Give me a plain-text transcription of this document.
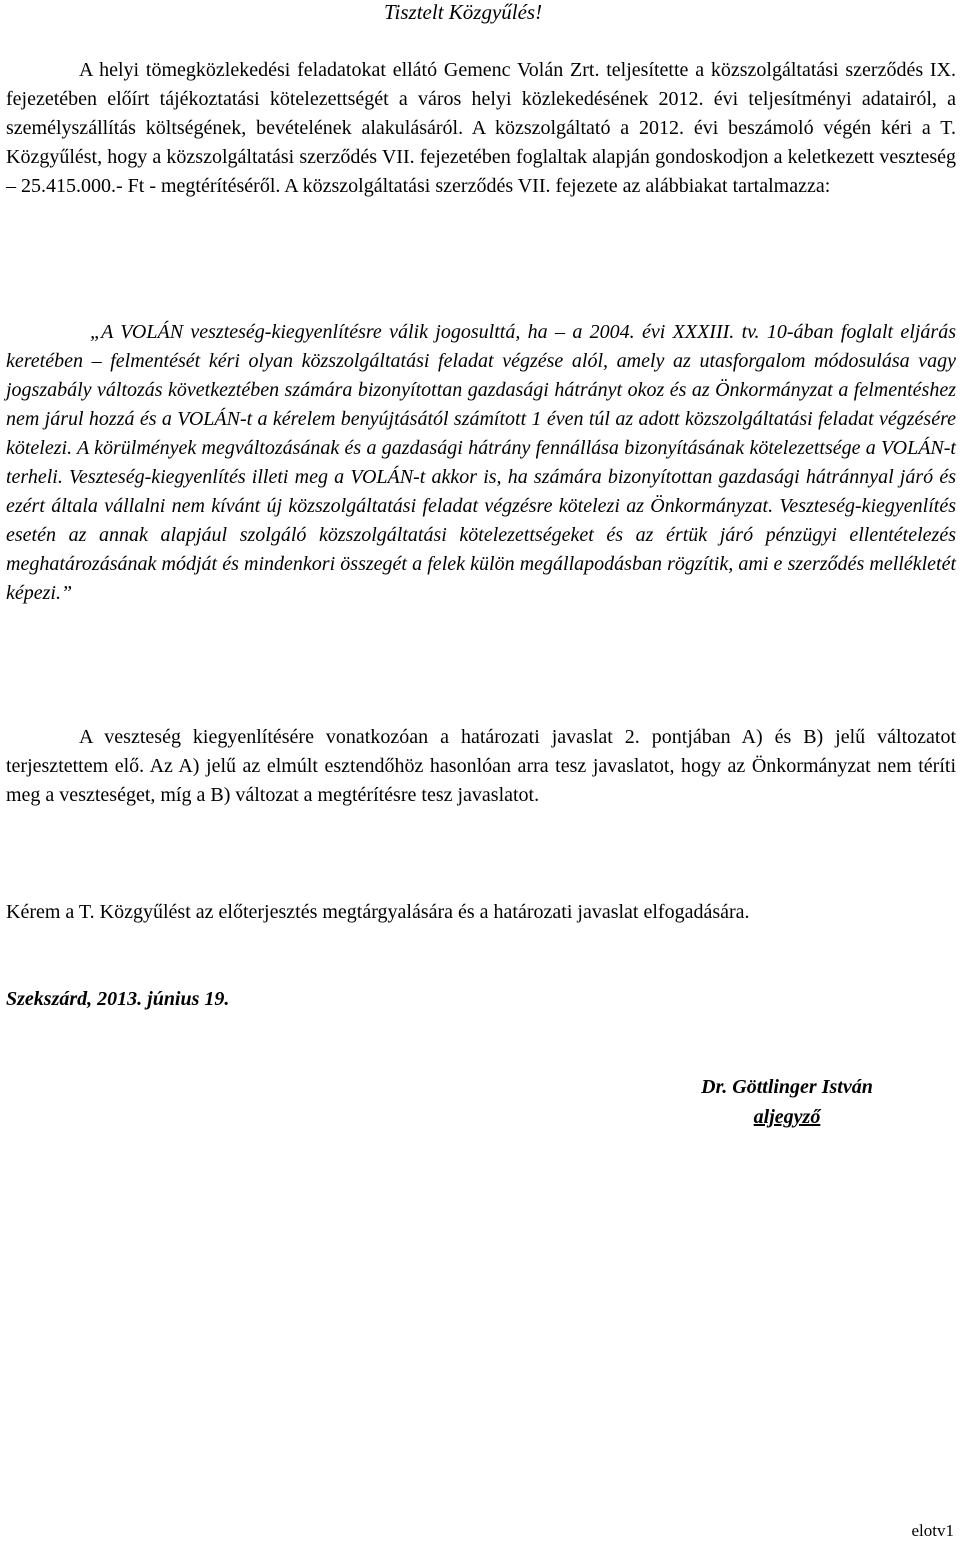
Tisztelt Közgyűlés!

A helyi tömegközlekedési feladatokat ellátó Gemenc Volán Zrt. teljesítette a közszolgáltatási szerződés IX. fejezetében előírt tájékoztatási kötelezettségét a város helyi közlekedésének 2012. évi teljesítményi adatairól, a személyszállítás költségének, bevételének alakulásáról. A közszolgáltató a 2012. évi beszámoló végén kéri a T. Közgyűlést, hogy a közszolgáltatási szerződés VII. fejezetében foglaltak alapján gondoskodjon a keletkezett veszteség – 25.415.000.- Ft - megtérítéséről. A közszolgáltatási szerződés VII. fejezete az alábbiakat tartalmazza:

„A VOLÁN veszteség-kiegyenlítésre válik jogosulttá, ha – a 2004. évi XXXIII. tv. 10-ában foglalt eljárás keretében – felmentését kéri olyan közszolgáltatási feladat végzése alól, amely az utasforgalom módosulása vagy jogszabály változás következtében számára bizonyítottan gazdasági hátrányt okoz és az Önkormányzat a felmentéshez nem járul hozzá és a VOLÁN-t a kérelem benyújtásától számított 1 éven túl az adott közszolgáltatási feladat végzésére kötelezi. A körülmények megváltozásának és a gazdasági hátrány fennállása bizonyításának kötelezettsége a VOLÁN-t terheli. Veszteség-kiegyenlítés illeti meg a VOLÁN-t akkor is, ha számára bizonyítottan gazdasági hátránnyal járó és ezért általa vállalni nem kívánt új közszolgáltatási feladat végzésre kötelezi az Önkormányzat. Veszteség-kiegyenlítés esetén az annak alapjául szolgáló közszolgáltatási kötelezettségeket és az értük járó pénzügyi ellentételezés meghatározásának módját és mindenkori összegét a felek külön megállapodásban rögzítik, ami e szerződés mellékletét képezi.”

A veszteség kiegyenlítésére vonatkozóan a határozati javaslat 2. pontjában A) és B) jelű változatot terjesztettem elő. Az A) jelű az elmúlt esztendőhöz hasonlóan arra tesz javaslatot, hogy az Önkormányzat nem téríti meg a veszteséget, míg a B) változat a megtérítésre tesz javaslatot.

Kérem a T. Közgyűlést az előterjesztés megtárgyalására és a határozati javaslat elfogadására.
Szekszárd, 2013. június 19.
Dr. Göttlinger István
aljegyző
elotv1
